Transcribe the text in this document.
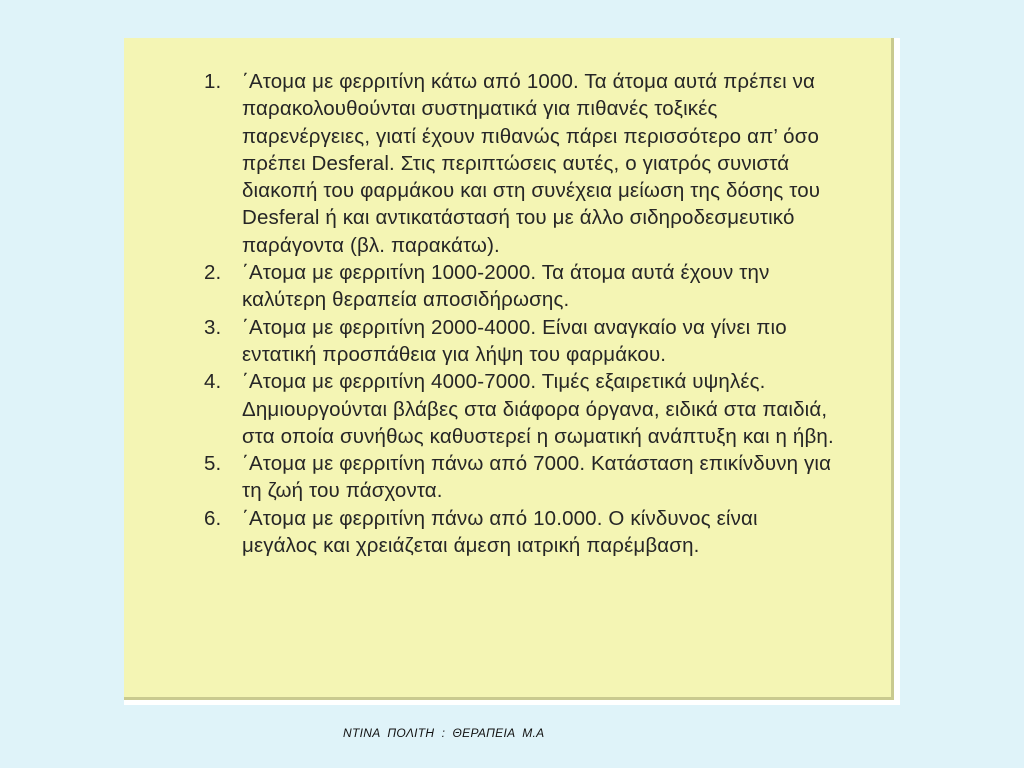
1.	΄Ατομα με φερριτίνη κάτω από 1000. Τα άτομα αυτά πρέπει να παρακολουθούνται συστηματικά για πιθανές τοξικές παρενέργειες, γιατί έχουν πιθανώς πάρει περισσότερο απ’ όσο πρέπει Desferal. Στις περιπτώσεις αυτές, ο γιατρός συνιστά διακοπή του φαρμάκου και στη συνέχεια μείωση της δόσης του Desferal ή και αντικατάστασή του με άλλο σιδηροδεσμευτικό παράγοντα (βλ. παρακάτω).
2.	΄Ατομα με φερριτίνη 1000-2000. Τα άτομα αυτά έχουν την καλύτερη θεραπεία αποσιδήρωσης.
3.	΄Ατομα με φερριτίνη 2000-4000. Είναι αναγκαίο να γίνει πιο εντατική προσπάθεια για λήψη του φαρμάκου.
4.	΄Ατομα με φερριτίνη 4000-7000. Τιμές εξαιρετικά υψηλές. Δημιουργούνται βλάβες στα διάφορα όργανα, ειδικά στα παιδιά, στα οποία συνήθως καθυστερεί η σωματική ανάπτυξη και η ήβη.
5.	΄Ατομα με φερριτίνη πάνω από 7000. Κατάσταση επικίνδυνη για τη ζωή του πάσχοντα.
6.	΄Ατομα με φερριτίνη πάνω από 10.000. Ο κίνδυνος είναι μεγάλος και χρειάζεται άμεση ιατρική παρέμβαση.
ΝΤΙΝΑ  ΠΟΛΙΤΗ  :  ΘΕΡΑΠΕΙΑ  Μ.Α
